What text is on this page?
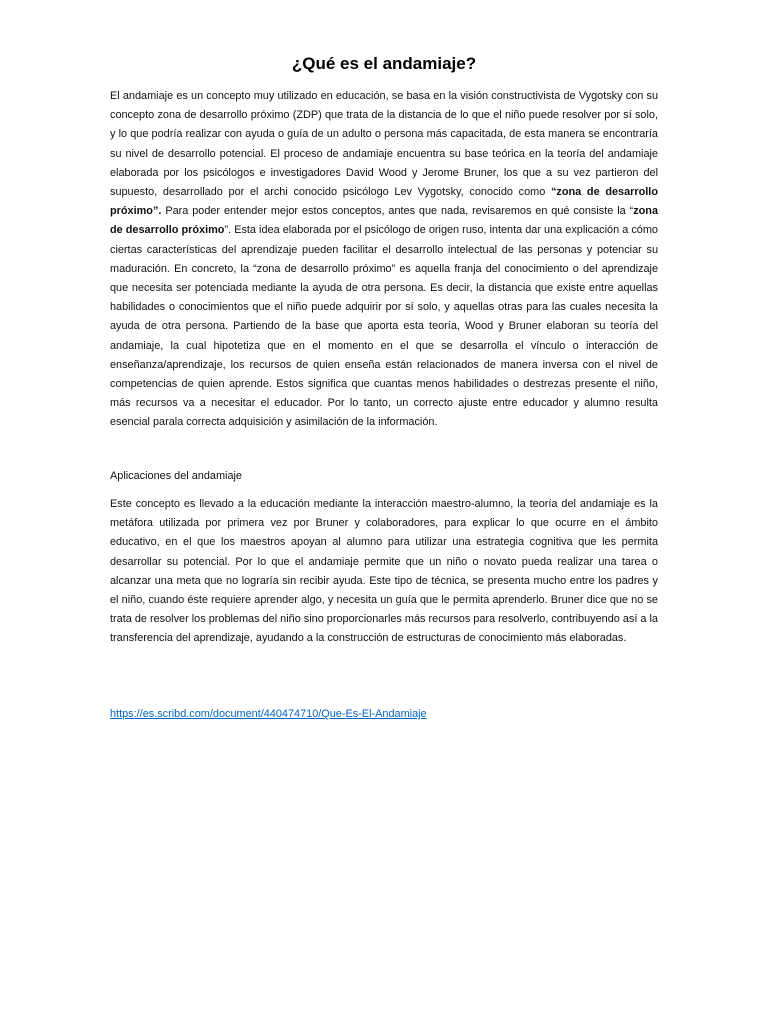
¿Qué es el andamiaje?

El andamiaje es un concepto muy utilizado en educación, se basa en la visión constructivista de Vygotsky con su concepto zona de desarrollo próximo (ZDP) que trata de la distancia de lo que el niño puede resolver por sí solo, y lo que podría realizar con ayuda o guía de un adulto o persona más capacitada, de esta manera se encontraría su nivel de desarrollo potencial. El proceso de andamiaje encuentra su base teórica en la teoría del andamiaje elaborada por los psicólogos e investigadores David Wood y Jerome Bruner, los que a su vez partieron del supuesto, desarrollado por el archi conocido psicólogo Lev Vygotsky, conocido como “zona de desarrollo próximo”. Para poder entender mejor estos conceptos, antes que nada, revisaremos en qué consiste la “zona de desarrollo próximo”. Esta idea elaborada por el psicólogo de origen ruso, intenta dar una explicación a cómo ciertas características del aprendizaje pueden facilitar el desarrollo intelectual de las personas y potenciar su maduración. En concreto, la “zona de desarrollo próximo” es aquella franja del conocimiento o del aprendizaje que necesita ser potenciada mediante la ayuda de otra persona. Es decir, la distancia que existe entre aquellas habilidades o conocimientos que el niño puede adquirir por sí solo, y aquellas otras para las cuales necesita la ayuda de otra persona. Partiendo de la base que aporta esta teoría, Wood y Bruner elaboran su teoría del andamiaje, la cual hipotetiza que en el momento en el que se desarrolla el vínculo o interacción de enseñanza/aprendizaje, los recursos de quien enseña están relacionados de manera inversa con el nivel de competencias de quien aprende. Estos significa que cuantas menos habilidades o destrezas presente el niño, más recursos va a necesitar el educador. Por lo tanto, un correcto ajuste entre educador y alumno resulta esencial parala correcta adquisición y asimilación de la información.

Aplicaciones del andamiaje

Este concepto es llevado a la educación mediante la interacción maestro-alumno, la teoría del andamiaje es la metáfora utilizada por primera vez por Bruner y colaboradores, para explicar lo que ocurre en el ámbito educativo, en el que los maestros apoyan al alumno para utilizar una estrategia cognitiva que les permita desarrollar su potencial. Por lo que el andamiaje permite que un niño o novato pueda realizar una tarea o alcanzar una meta que no lograría sin recibir ayuda. Este tipo de técnica, se presenta mucho entre los padres y el niño, cuando éste requiere aprender algo, y necesita un guía que le permita aprenderlo. Bruner dice que no se trata de resolver los problemas del niño sino proporcionarles más recursos para resolverlo, contribuyendo así a la transferencia del aprendizaje, ayudando a la construcción de estructuras de conocimiento más elaboradas.

https://es.scribd.com/document/440474710/Que-Es-El-Andamiaje
